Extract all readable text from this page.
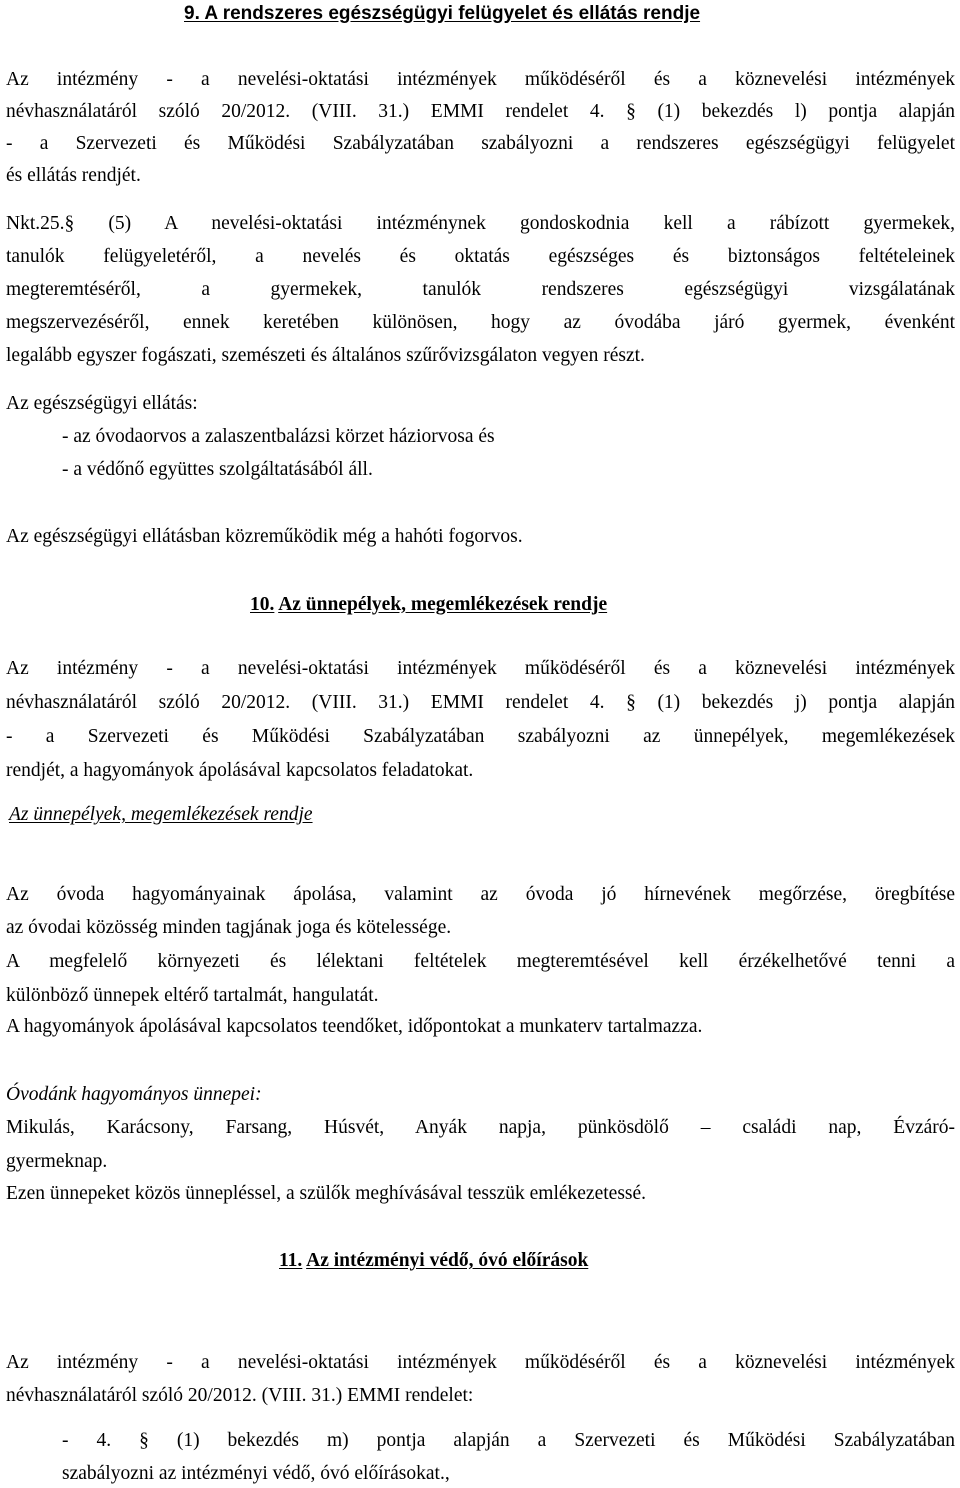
9. A rendszeres egészségügyi felügyelet és ellátás rendje
Az intézmény - a nevelési-oktatási intézmények működéséről és a köznevelési intézmények
névhasználatáról szóló 20/2012. (VIII. 31.) EMMI rendelet 4. § (1) bekezdés l) pontja alapján
- a Szervezeti és Működési Szabályzatában szabályozni a rendszeres egészségügyi felügyelet
és ellátás rendjét.
Nkt.25.§ (5) A nevelési-oktatási intézménynek gondoskodnia kell a rábízott gyermekek,
tanulók felügyeletéről, a nevelés és oktatás egészséges és biztonságos feltételeinek
megteremtéséről, a gyermekek, tanulók rendszeres egészségügyi vizsgálatának
megszervezéséről, ennek keretében különösen, hogy az óvodába járó gyermek, évenként
legalább egyszer fogászati, szemészeti és általános szűrővizsgálaton vegyen részt.
Az egészségügyi ellátás:
- az óvodaorvos a zalaszentbalázsi körzet háziorvosa és
- a védőnő együttes szolgáltatásából áll.
Az egészségügyi ellátásban közreműködik még a hahóti fogorvos.
10. Az ünnepélyek, megemlékezések rendje
Az intézmény - a nevelési-oktatási intézmények működéséről és a köznevelési intézmények
névhasználatáról szóló 20/2012. (VIII. 31.) EMMI rendelet 4. § (1) bekezdés j) pontja alapján
- a Szervezeti és Működési Szabályzatában szabályozni az ünnepélyek, megemlékezések
rendjét, a hagyományok ápolásával kapcsolatos feladatokat.
Az ünnepélyek, megemlékezések rendje
Az óvoda hagyományainak ápolása, valamint az óvoda jó hírnevének megőrzése, öregbítése
az óvodai közösség minden tagjának joga és kötelessége.
A megfelelő környezeti és lélektani feltételek megteremtésével kell érzékelhetővé tenni a
különböző ünnepek eltérő tartalmát, hangulatát.
A hagyományok ápolásával kapcsolatos teendőket, időpontokat a munkaterv tartalmazza.
Óvodánk hagyományos ünnepei:
Mikulás, Karácsony, Farsang, Húsvét, Anyák napja, pünkösdölő – családi nap, Évzáró-
gyermeknap.
Ezen ünnepeket közös ünnepléssel, a szülők meghívásával tesszük emlékezetessé.
11. Az intézményi védő, óvó előírások
Az intézmény - a nevelési-oktatási intézmények működéséről és a köznevelési intézmények
névhasználatáról szóló 20/2012. (VIII. 31.) EMMI rendelet:
- 4. § (1) bekezdés m) pontja alapján a Szervezeti és Működési Szabályzatában
szabályozni az intézményi védő, óvó előírásokat.,
